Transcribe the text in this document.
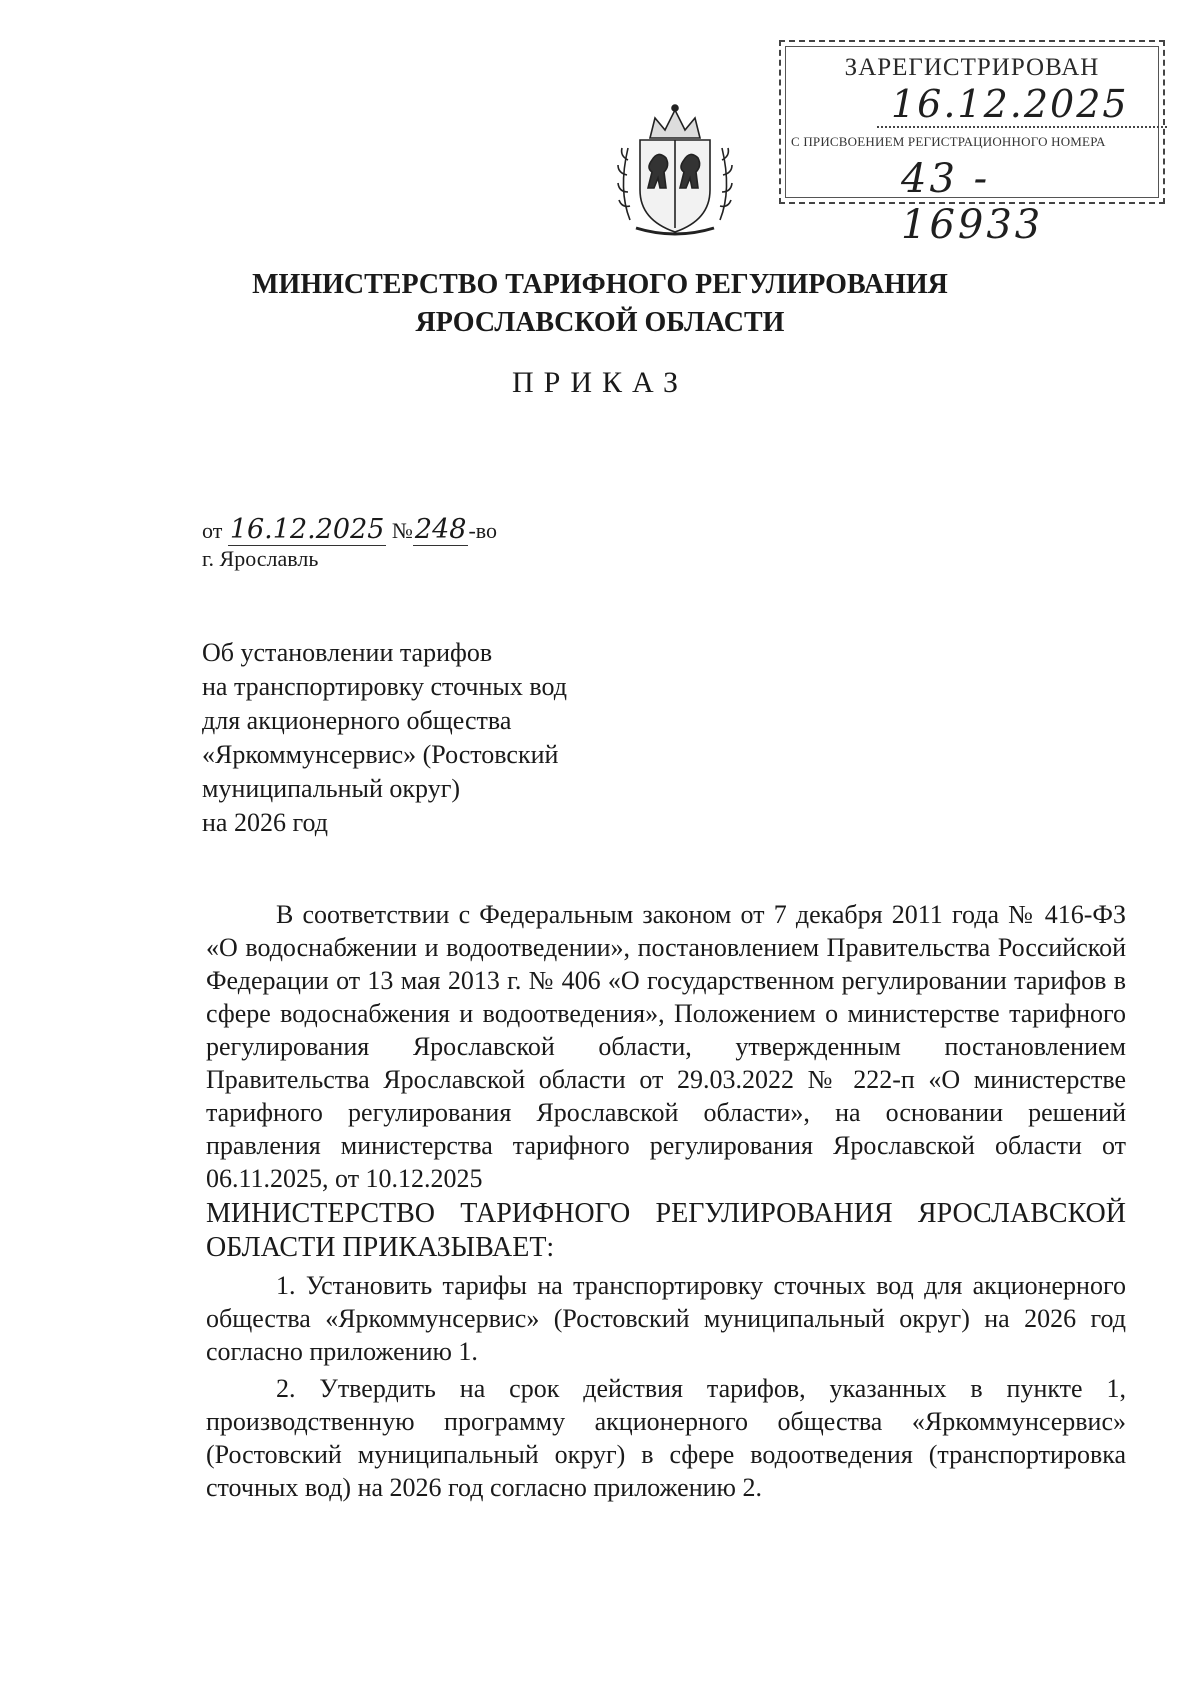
ЗАРЕГИСТРИРОВАН
16.12.2025
С ПРИСВОЕНИЕМ РЕГИСТРАЦИОННОГО НОМЕРА
43 - 16933
МИНИСТЕРСТВО ТАРИФНОГО РЕГУЛИРОВАНИЯ
ЯРОСЛАВСКОЙ ОБЛАСТИ
ПРИКАЗ
от 16.12.2025 №248-во
г. Ярославль
Об установлении тарифов
на транспортировку сточных вод
для акционерного общества
«Яркоммунсервис» (Ростовский
муниципальный округ)
на 2026 год

В соответствии с Федеральным законом от 7 декабря 2011 года № 416-ФЗ «О водоснабжении и водоотведении», постановлением Правительства Российской Федерации от 13 мая 2013 г. № 406 «О государственном регулировании тарифов в сфере водоснабжения и водоотведения», Положением о министерстве тарифного регулирования Ярославской области, утвержденным постановлением Правительства Ярославской области от 29.03.2022 № 222-п «О министерстве тарифного регулирования Ярославской области», на основании решений правления министерства тарифного регулирования Ярославской области от 06.11.2025, от 10.12.2025

МИНИСТЕРСТВО ТАРИФНОГО РЕГУЛИРОВАНИЯ ЯРОСЛАВСКОЙ ОБЛАСТИ ПРИКАЗЫВАЕТ:

1. Установить тарифы на транспортировку сточных вод для акционерного общества «Яркоммунсервис» (Ростовский муниципальный округ) на 2026 год согласно приложению 1.

2. Утвердить на срок действия тарифов, указанных в пункте 1, производственную программу акционерного общества «Яркоммунсервис» (Ростовский муниципальный округ) в сфере водоотведения (транспортировка сточных вод) на 2026 год согласно приложению 2.
